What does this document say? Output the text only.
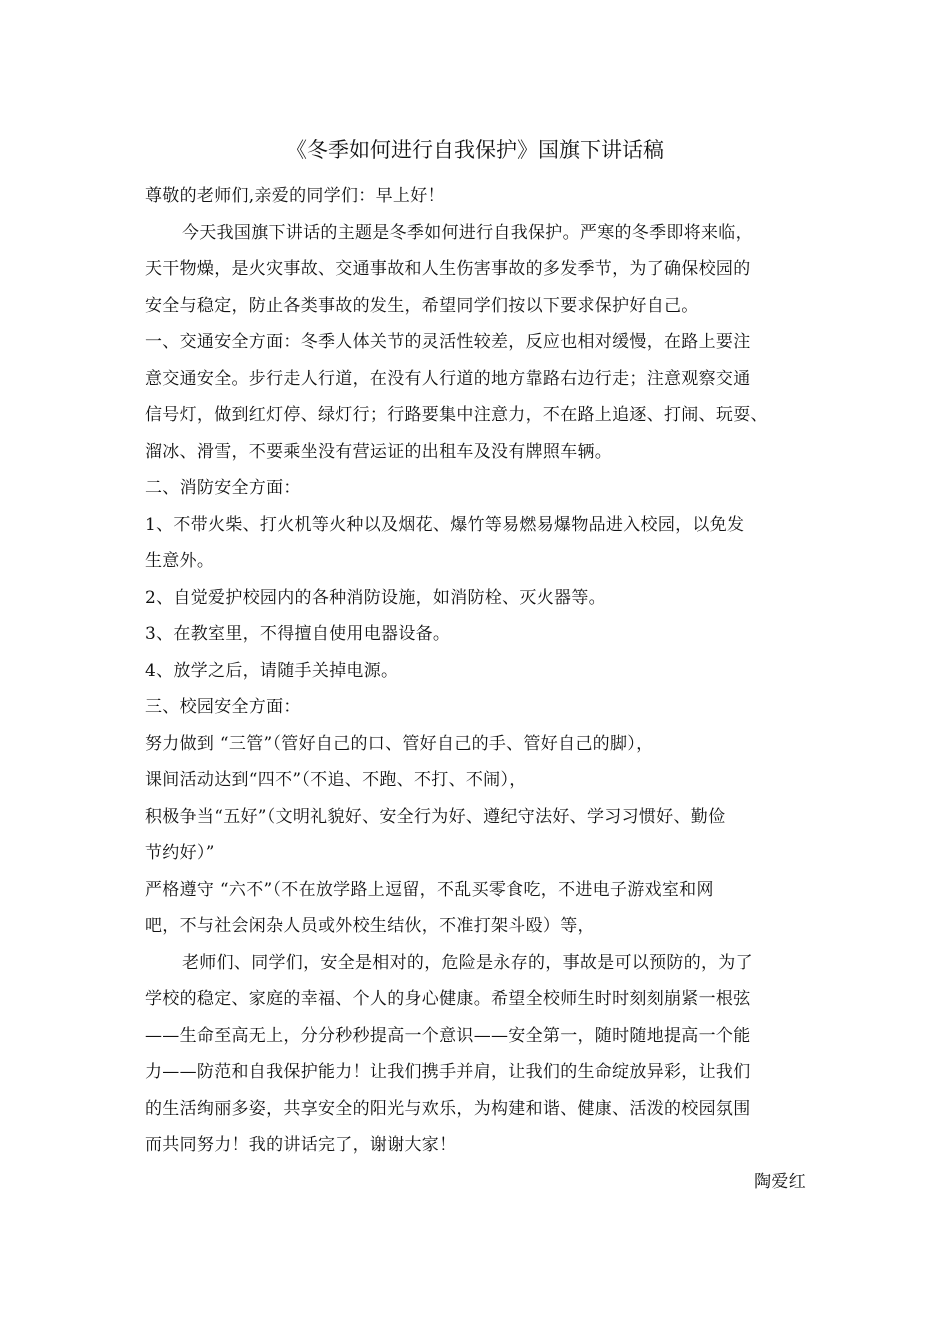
《冬季如何进行自我保护》国旗下讲话稿
尊敬的老师们,亲爱的同学们：早上好！
今天我国旗下讲话的主题是冬季如何进行自我保护。严寒的冬季即将来临，
天干物燥，是火灾事故、交通事故和人生伤害事故的多发季节，为了确保校园的
安全与稳定，防止各类事故的发生，希望同学们按以下要求保护好自己。
一、交通安全方面：冬季人体关节的灵活性较差，反应也相对缓慢，在路上要注
意交通安全。步行走人行道，在没有人行道的地方靠路右边行走；注意观察交通
信号灯，做到红灯停、绿灯行；行路要集中注意力，不在路上追逐、打闹、玩耍、
溜冰、滑雪，不要乘坐没有营运证的出租车及没有牌照车辆。
二、消防安全方面：
1、不带火柴、打火机等火种以及烟花、爆竹等易燃易爆物品进入校园，以免发
生意外。
2、自觉爱护校园内的各种消防设施，如消防栓、灭火器等。
3、在教室里，不得擅自使用电器设备。
4、放学之后，请随手关掉电源。
三、校园安全方面：
努力做到 “三管”（管好自己的口、管好自己的手、管好自己的脚），
课间活动达到“四不”（不追、不跑、不打、不闹），
积极争当“五好”（文明礼貌好、安全行为好、遵纪守法好、学习习惯好、勤俭
节约好）”
严格遵守 “六不”（不在放学路上逗留，不乱买零食吃，不进电子游戏室和网
吧，不与社会闲杂人员或外校生结伙，不准打架斗殴）等，
老师们、同学们，安全是相对的，危险是永存的，事故是可以预防的，为了
学校的稳定、家庭的幸福、个人的身心健康。希望全校师生时时刻刻崩紧一根弦
——生命至高无上，分分秒秒提高一个意识——安全第一，随时随地提高一个能
力——防范和自我保护能力！让我们携手并肩，让我们的生命绽放异彩，让我们
的生活绚丽多姿，共享安全的阳光与欢乐，为构建和谐、健康、活泼的校园氛围
而共同努力！我的讲话完了，谢谢大家！
陶爱红
